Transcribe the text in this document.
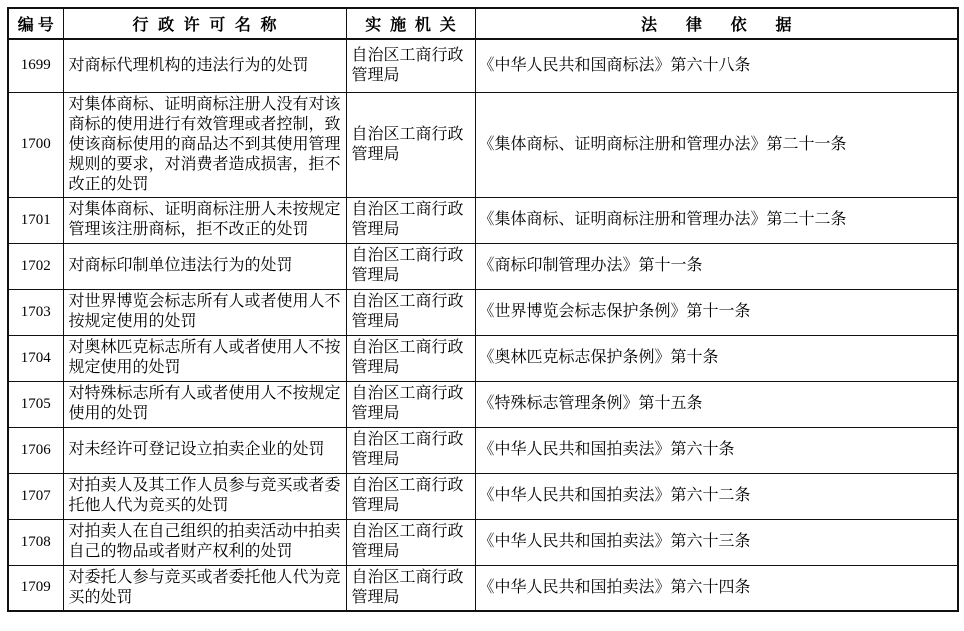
编号	行政许可名称	实施机关	法律依据
1699	对商标代理机构的违法行为的处罚	自治区工商行政管理局	《中华人民共和国商标法》第六十八条
1700	对集体商标、证明商标注册人没有对该商标的使用进行有效管理或者控制，致使该商标使用的商品达不到其使用管理规则的要求，对消费者造成损害，拒不改正的处罚	自治区工商行政管理局	《集体商标、证明商标注册和管理办法》第二十一条
1701	对集体商标、证明商标注册人未按规定管理该注册商标，拒不改正的处罚	自治区工商行政管理局	《集体商标、证明商标注册和管理办法》第二十二条
1702	对商标印制单位违法行为的处罚	自治区工商行政管理局	《商标印制管理办法》第十一条
1703	对世界博览会标志所有人或者使用人不按规定使用的处罚	自治区工商行政管理局	《世界博览会标志保护条例》第十一条
1704	对奥林匹克标志所有人或者使用人不按规定使用的处罚	自治区工商行政管理局	《奥林匹克标志保护条例》第十条
1705	对特殊标志所有人或者使用人不按规定使用的处罚	自治区工商行政管理局	《特殊标志管理条例》第十五条
1706	对未经许可登记设立拍卖企业的处罚	自治区工商行政管理局	《中华人民共和国拍卖法》第六十条
1707	对拍卖人及其工作人员参与竞买或者委托他人代为竞买的处罚	自治区工商行政管理局	《中华人民共和国拍卖法》第六十二条
1708	对拍卖人在自己组织的拍卖活动中拍卖自己的物品或者财产权利的处罚	自治区工商行政管理局	《中华人民共和国拍卖法》第六十三条
1709	对委托人参与竞买或者委托他人代为竞买的处罚	自治区工商行政管理局	《中华人民共和国拍卖法》第六十四条
